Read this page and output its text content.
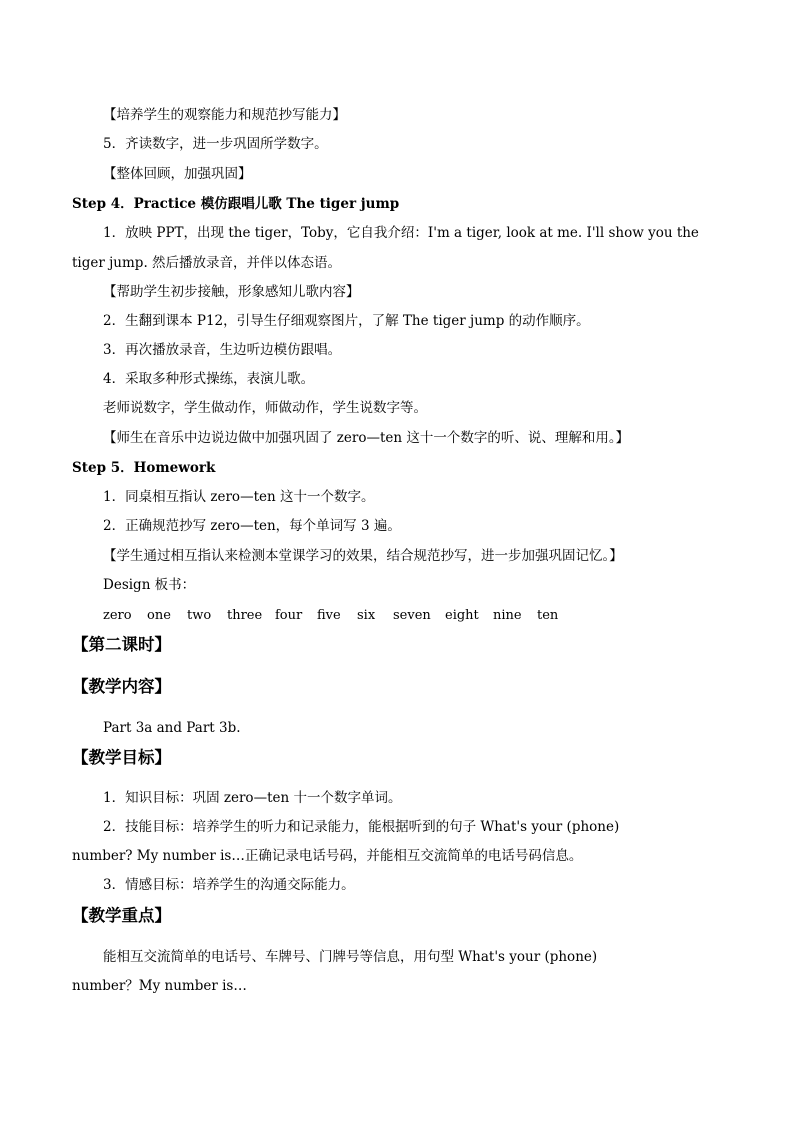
【培养学生的观察能力和规范抄写能力】
5．齐读数字，进一步巩固所学数字。
【整体回顾，加强巩固】
Step 4．Practice 模仿跟唱儿歌 The tiger jump
1．放映 PPT，出现 the tiger，Toby，它自我介绍：I'm a tiger, look at me. I'll show you the
tiger jump. 然后播放录音，并伴以体态语。
【帮助学生初步接触，形象感知儿歌内容】
2．生翻到课本 P12，引导生仔细观察图片，了解 The tiger jump 的动作顺序。
3．再次播放录音，生边听边模仿跟唱。
4．采取多种形式操练，表演儿歌。
老师说数字，学生做动作，师做动作，学生说数字等。
【师生在音乐中边说边做中加强巩固了 zero—ten 这十一个数字的听、说、理解和用。】
Step 5．Homework
1．同桌相互指认 zero—ten 这十一个数字。
2．正确规范抄写 zero—ten，每个单词写 3 遍。
【学生通过相互指认来检测本堂课学习的效果，结合规范抄写，进一步加强巩固记忆。】
Design 板书：
zero one two three four five six seven eight nine ten
【第二课时】
【教学内容】
Part 3a and Part 3b.
【教学目标】
1．知识目标：巩固 zero—ten 十一个数字单词。
2．技能目标：培养学生的听力和记录能力，能根据听到的句子 What's your (phone)
number? My number is…正确记录电话号码，并能相互交流简单的电话号码信息。
3．情感目标：培养学生的沟通交际能力。
【教学重点】
能相互交流简单的电话号、车牌号、门牌号等信息，用句型 What's your (phone)
number？My number is…
